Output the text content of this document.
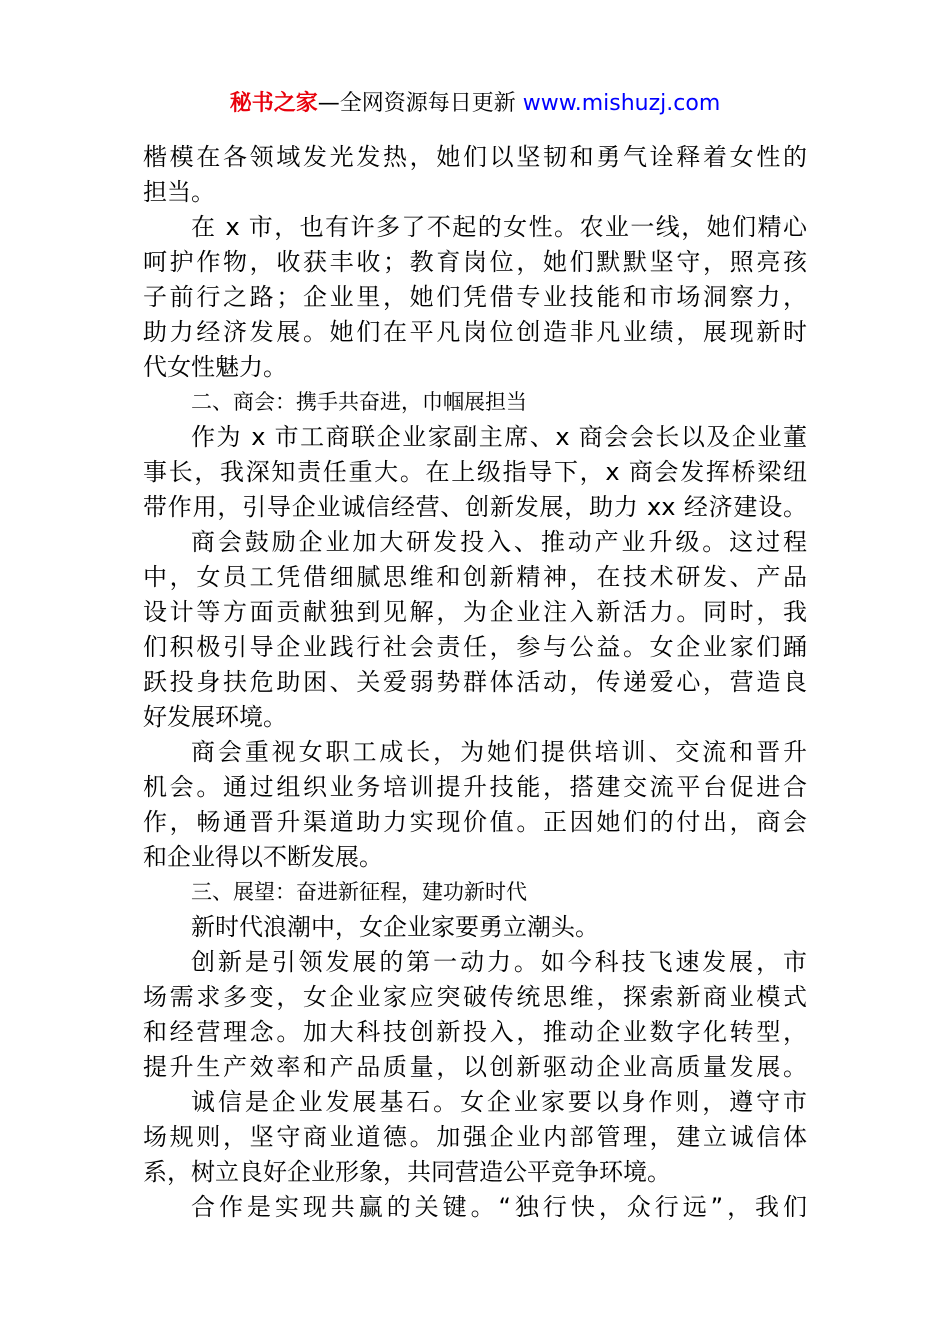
秘书之家—全网资源每日更新 www.mishuzj.com
楷模在各领域发光发热，她们以坚韧和勇气诠释着女性的
担当。
在 x 市，也有许多了不起的女性。农业一线，她们精心
呵护作物，收获丰收；教育岗位，她们默默坚守，照亮孩
子前行之路；企业里，她们凭借专业技能和市场洞察力，
助力经济发展。她们在平凡岗位创造非凡业绩，展现新时
代女性魅力。
二、商会：携手共奋进，巾帼展担当
作为 x 市工商联企业家副主席、x 商会会长以及企业董
事长，我深知责任重大。在上级指导下，x 商会发挥桥梁纽
带作用，引导企业诚信经营、创新发展，助力 xx 经济建设。
商会鼓励企业加大研发投入、推动产业升级。这过程
中，女员工凭借细腻思维和创新精神，在技术研发、产品
设计等方面贡献独到见解，为企业注入新活力。同时，我
们积极引导企业践行社会责任，参与公益。女企业家们踊
跃投身扶危助困、关爱弱势群体活动，传递爱心，营造良
好发展环境。
商会重视女职工成长，为她们提供培训、交流和晋升
机会。通过组织业务培训提升技能，搭建交流平台促进合
作，畅通晋升渠道助力实现价值。正因她们的付出，商会
和企业得以不断发展。
三、展望：奋进新征程，建功新时代
新时代浪潮中，女企业家要勇立潮头。
创新是引领发展的第一动力。如今科技飞速发展，市
场需求多变，女企业家应突破传统思维，探索新商业模式
和经营理念。加大科技创新投入，推动企业数字化转型，
提升生产效率和产品质量，以创新驱动企业高质量发展。
诚信是企业发展基石。女企业家要以身作则，遵守市
场规则，坚守商业道德。加强企业内部管理，建立诚信体
系，树立良好企业形象，共同营造公平竞争环境。
合作是实现共赢的关键。“独行快，众行远”，我们
